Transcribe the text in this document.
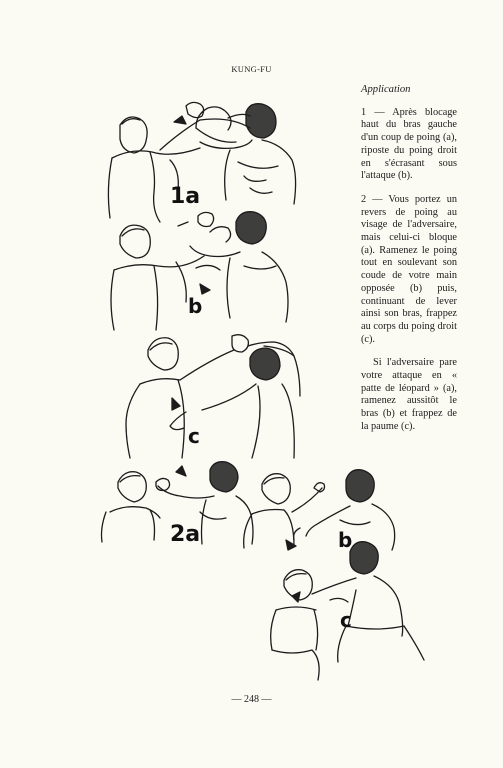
KUNG-FU
1a
b
c
2a	b
c
Application

1 — Après blocage haut du bras gauche d'un coup de poing (a), riposte du poing droit en s'écrasant sous l'attaque (b).

2 — Vous portez un revers de poing au visage de l'adversaire, mais celui-ci bloque (a). Ramenez le poing tout en soulevant son coude de votre main opposée (b) puis, continuant de lever ainsi son bras, frappez au corps du poing droit (c).

Si l'adversaire pare votre attaque en « patte de léopard » (a), ramenez aussitôt le bras (b) et frappez de la paume (c).

— 248 —
